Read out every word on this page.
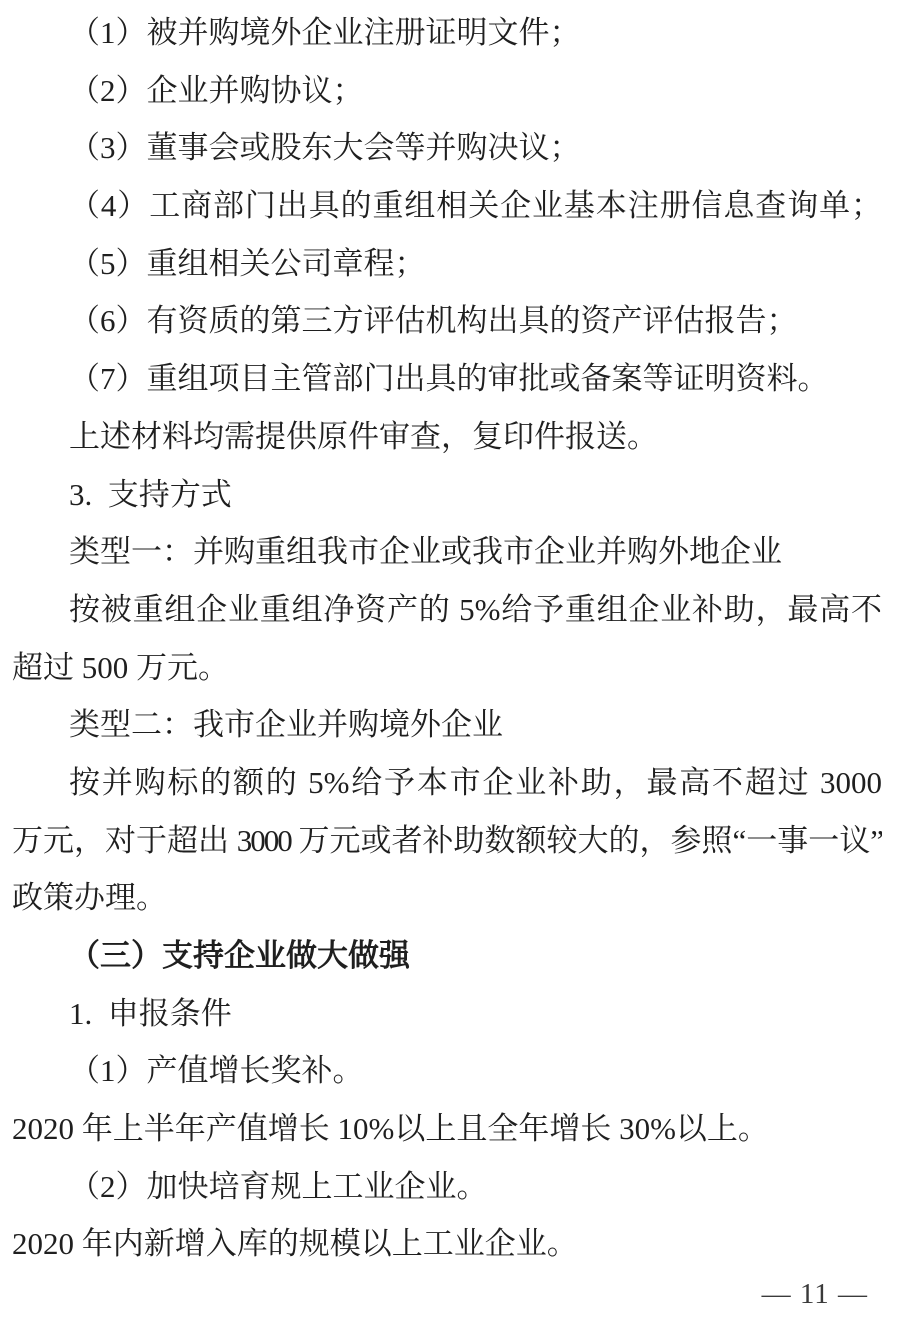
（1）被并购境外企业注册证明文件；
（2）企业并购协议；
（3）董事会或股东大会等并购决议；
（4）工商部门出具的重组相关企业基本注册信息查询单；
（5）重组相关公司章程；
（6）有资质的第三方评估机构出具的资产评估报告；
（7）重组项目主管部门出具的审批或备案等证明资料。
上述材料均需提供原件审查，复印件报送。
3. 支持方式
类型一：并购重组我市企业或我市企业并购外地企业
按被重组企业重组净资产的 5%给予重组企业补助，最高不
超过 500 万元。
类型二：我市企业并购境外企业
按并购标的额的 5%给予本市企业补助，最高不超过 3000
万元，对于超出 3000 万元或者补助数额较大的，参照“一事一议”
政策办理。
（三）支持企业做大做强
1. 申报条件
（1）产值增长奖补。
2020 年上半年产值增长 10%以上且全年增长 30%以上。
（2）加快培育规上工业企业。
2020 年内新增入库的规模以上工业企业。
— 11 —
